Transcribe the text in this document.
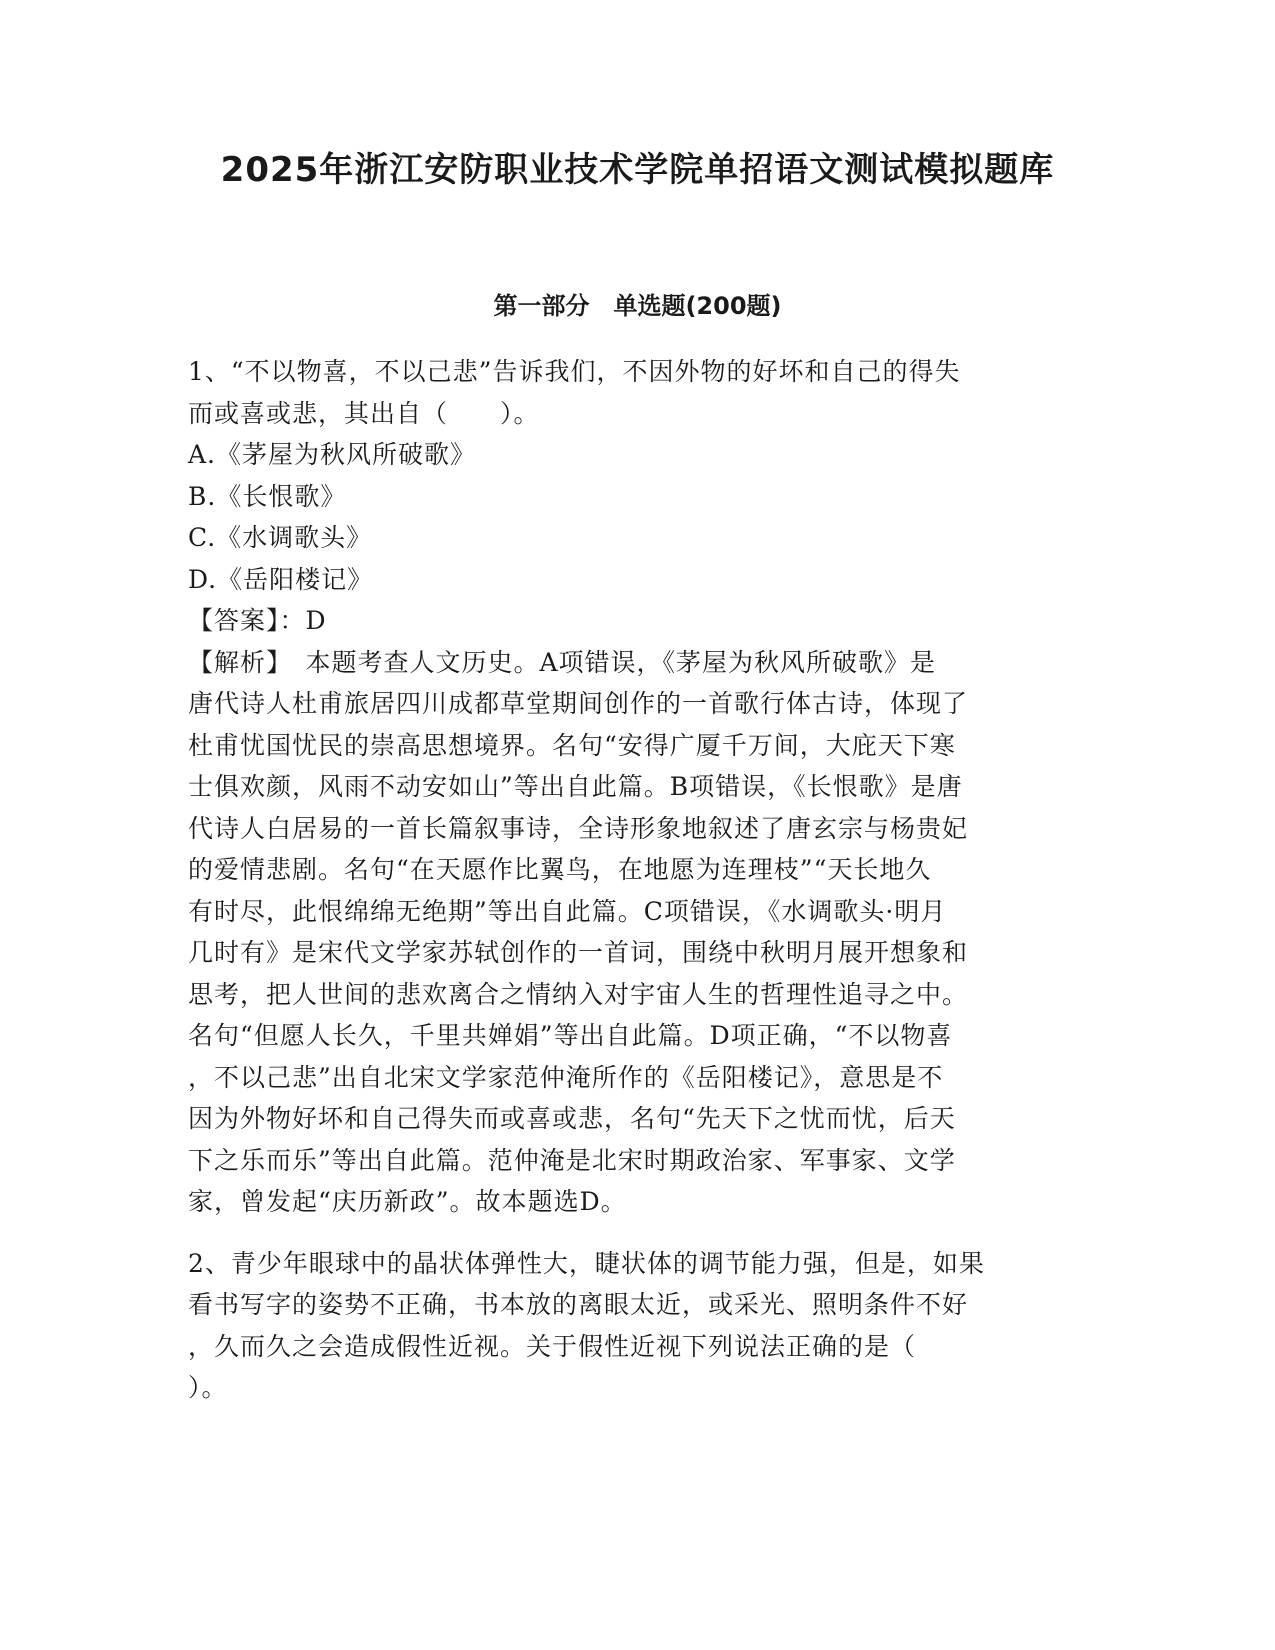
2025年浙江安防职业技术学院单招语文测试模拟题库
第一部分　单选题(200题)
1、“不以物喜，不以己悲”告诉我们，不因外物的好坏和自己的得失
而或喜或悲，其出自（　　）。
A.《茅屋为秋风所破歌》
B.《长恨歌》
C.《水调歌头》
D.《岳阳楼记》
【答案】：D
【解析】　本题考查人文历史。A项错误，《茅屋为秋风所破歌》是
唐代诗人杜甫旅居四川成都草堂期间创作的一首歌行体古诗，体现了
杜甫忧国忧民的崇高思想境界。名句“安得广厦千万间，大庇天下寒
士俱欢颜，风雨不动安如山”等出自此篇。B项错误，《长恨歌》是唐
代诗人白居易的一首长篇叙事诗，全诗形象地叙述了唐玄宗与杨贵妃
的爱情悲剧。名句“在天愿作比翼鸟，在地愿为连理枝”“天长地久
有时尽，此恨绵绵无绝期”等出自此篇。C项错误，《水调歌头·明月
几时有》是宋代文学家苏轼创作的一首词，围绕中秋明月展开想象和
思考，把人世间的悲欢离合之情纳入对宇宙人生的哲理性追寻之中。
名句“但愿人长久，千里共婵娟”等出自此篇。D项正确，“不以物喜
，不以己悲”出自北宋文学家范仲淹所作的《岳阳楼记》，意思是不
因为外物好坏和自己得失而或喜或悲，名句“先天下之忧而忧，后天
下之乐而乐”等出自此篇。范仲淹是北宋时期政治家、军事家、文学
家，曾发起“庆历新政”。故本题选D。
2、青少年眼球中的晶状体弹性大，睫状体的调节能力强，但是，如果
看书写字的姿势不正确，书本放的离眼太近，或采光、照明条件不好
，久而久之会造成假性近视。关于假性近视下列说法正确的是（
）。
